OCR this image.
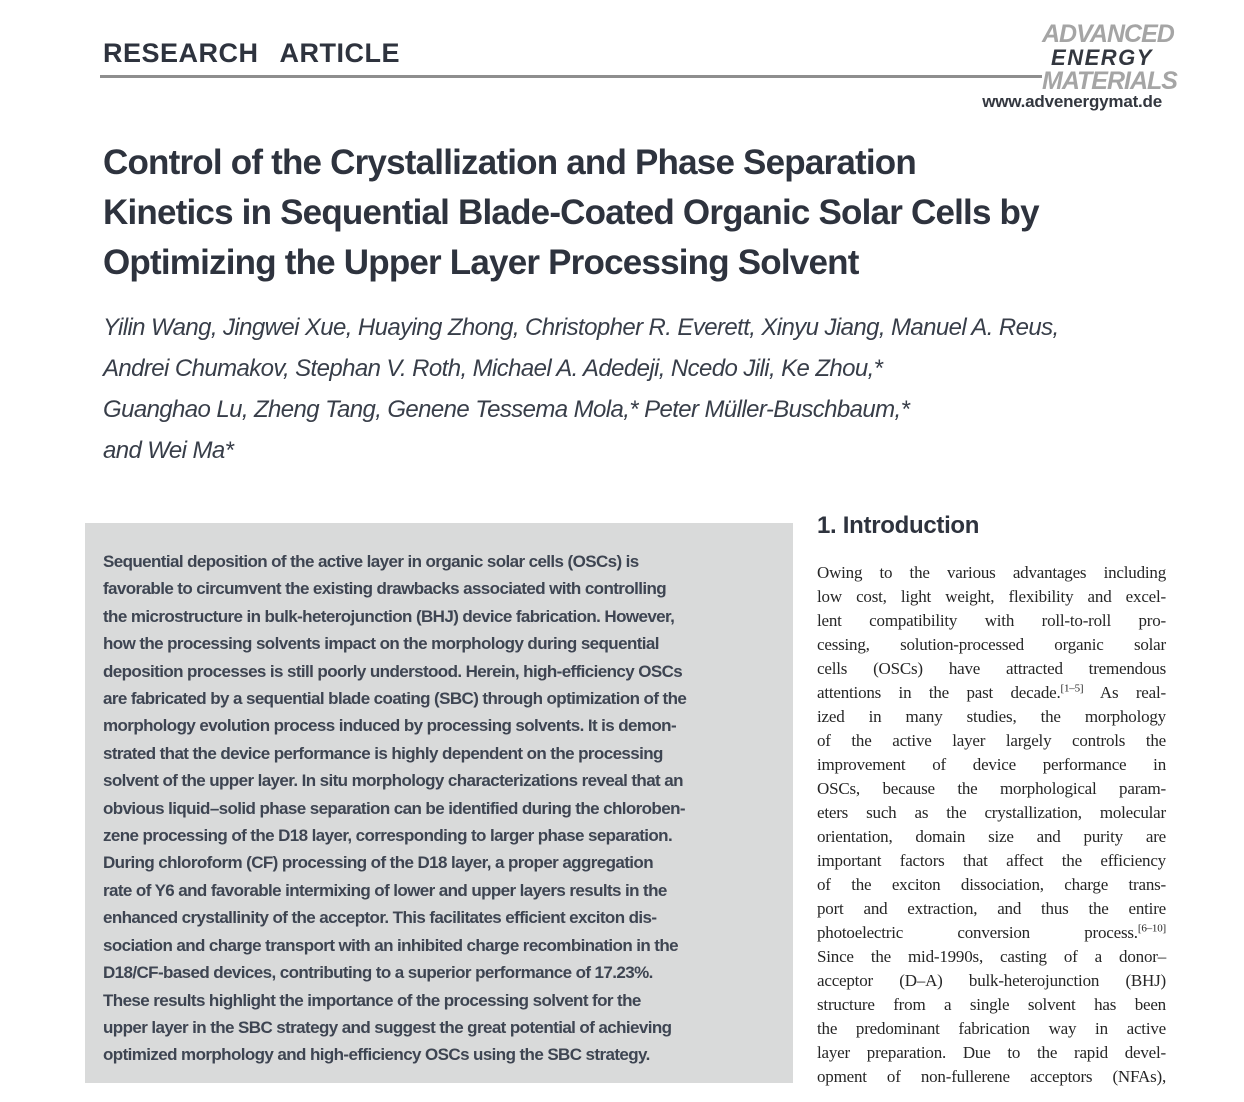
RESEARCH ARTICLE
ADVANCED
ENERGY
MATERIALS
www.advenergymat.de
Control of the Crystallization and Phase Separation
Kinetics in Sequential Blade-Coated Organic Solar Cells by
Optimizing the Upper Layer Processing Solvent
Yilin Wang, Jingwei Xue, Huaying Zhong, Christopher R. Everett, Xinyu Jiang, Manuel A. Reus,
Andrei Chumakov, Stephan V. Roth, Michael A. Adedeji, Ncedo Jili, Ke Zhou,*
Guanghao Lu, Zheng Tang, Genene Tessema Mola,* Peter Müller-Buschbaum,*
and Wei Ma*
Sequential deposition of the active layer in organic solar cells (OSCs) is
favorable to circumvent the existing drawbacks associated with controlling
the microstructure in bulk-heterojunction (BHJ) device fabrication. However,
how the processing solvents impact on the morphology during sequential
deposition processes is still poorly understood. Herein, high-efficiency OSCs
are fabricated by a sequential blade coating (SBC) through optimization of the
morphology evolution process induced by processing solvents. It is demon-
strated that the device performance is highly dependent on the processing
solvent of the upper layer. In situ morphology characterizations reveal that an
obvious liquid–solid phase separation can be identified during the chloroben-
zene processing of the D18 layer, corresponding to larger phase separation.
During chloroform (CF) processing of the D18 layer, a proper aggregation
rate of Y6 and favorable intermixing of lower and upper layers results in the
enhanced crystallinity of the acceptor. This facilitates efficient exciton dis-
sociation and charge transport with an inhibited charge recombination in the
D18/CF-based devices, contributing to a superior performance of 17.23%.
These results highlight the importance of the processing solvent for the
upper layer in the SBC strategy and suggest the great potential of achieving
optimized morphology and high-efficiency OSCs using the SBC strategy.
1. Introduction
Owing to the various advantages including
low cost, light weight, flexibility and excel-
lent compatibility with roll-to-roll pro-
cessing, solution-processed organic solar
cells (OSCs) have attracted tremendous
attentions in the past decade.[1–5] As real-
ized in many studies, the morphology
of the active layer largely controls the
improvement of device performance in
OSCs, because the morphological param-
eters such as the crystallization, molecular
orientation, domain size and purity are
important factors that affect the efficiency
of the exciton dissociation, charge trans-
port and extraction, and thus the entire
photoelectric conversion process.[6–10]
Since the mid-1990s, casting of a donor–
acceptor (D–A) bulk-heterojunction (BHJ)
structure from a single solvent has been
the predominant fabrication way in active
layer preparation. Due to the rapid devel-
opment of non-fullerene acceptors (NFAs),
